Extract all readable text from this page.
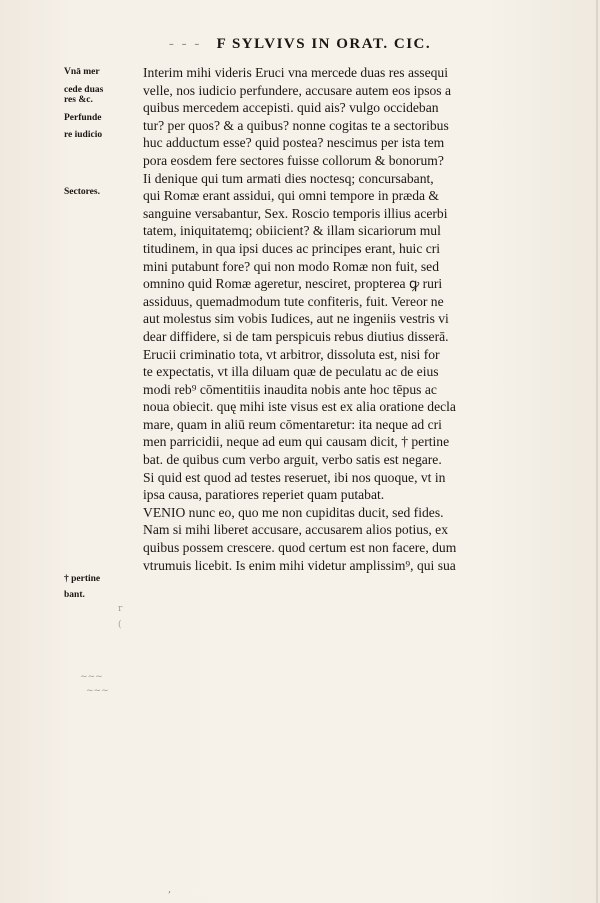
- - - F SYLVIVS IN ORAT. CIC.
Vnā mer
cede duas
res &c.
Perfunde
re iudicio
Sectores.
† pertine
bant.
Interim mihi videris Eruci vna mercede duas res assequi
velle, nos iudicio perfundere, accusare autem eos ipsos a
quibus mercedem accepisti. quid ais? vulgo occideban
tur? per quos? & a quibus? nonne cogitas te a sectoribus
huc adductum esse? quid postea? nescimus per ista tem
pora eosdem fere sectores fuisse collorum & bonorum?
Ii denique qui tum armati dies noctesq; concursabant,
qui Romæ erant assidui, qui omni tempore in præda &
sanguine versabantur, Sex. Roscio temporis illius acerbi
tatem, iniquitatemq; obiicient? & illam sicariorum mul
titudinem, in qua ipsi duces ac principes erant, huic cri
mini putabunt fore? qui non modo Romæ non fuit, sed
omnino quid Romæ ageretur, nesciret, propterea ꝙ ruri
assiduus, quemadmodum tute confiteris, fuit. Vereor ne
aut molestus sim vobis Iudices, aut ne ingeniis vestris vi
dear diffidere, si de tam perspicuis rebus diutius disserā.
Erucii criminatio tota, vt arbitror, dissoluta est, nisi for
te expectatis, vt illa diluam quæ de peculatu ac de eius
modi reb⁹ cōmentitiis inaudita nobis ante hoc tēpus ac
noua obiecit. quę mihi iste visus est ex alia oratione decla
mare, quam in aliū reum cōmentaretur: ita neque ad cri
men parricidii, neque ad eum qui causam dicit, † pertine
bat. de quibus cum verbo arguit, verbo satis est negare.
Si quid est quod ad testes reseruet, ibi nos quoque, vt in
ipsa causa, paratiores reperiet quam putabat.
VENIO nunc eo, quo me non cupiditas ducit, sed fides.
Nam si mihi liberet accusare, accusarem alios potius, ex
quibus possem crescere. quod certum est non facere, dum
vtrumuis licebit. Is enim mihi videtur amplissim⁹, qui sua
r
(
~~~
~~~
,
